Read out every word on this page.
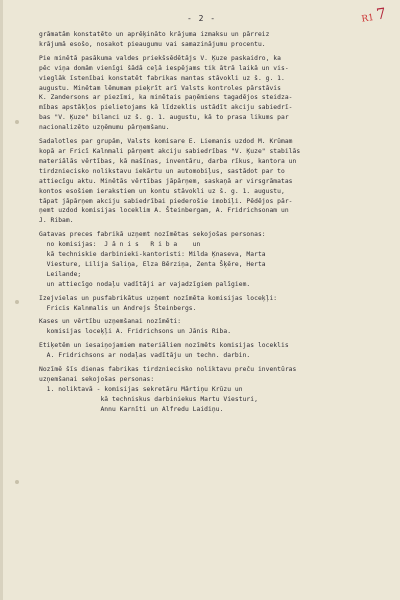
- 2 -	R17
grāmatām konstatēto un aprēķināto krājuma izmaksu un pārreiz
krājumā esošo, nosakot pieaugumu vai samazinājumu procentu.
Pie minētā pasākuma valdes priekšsēdētājs V. Ķuze paskaidro, ka
pēc viņa domām vienīgi šādā ceļā iespējams tik ātrā laikā un vis-
vieglāk īstenībai konstatēt fabrikas mantas stāvokli uz š. g. 1.
augustu. Minētam lēmumam pieķrīt arī Valsts kontroles pārstāvis
K. Zandersons ar piezīmi, ka minētais paņēmiens tagadējos steidza-
mības apstākļos pielietojams kā līdzeklis ustādīt akciju sabiedrī-
bas "V. Ķuze" bilanci uz š. g. 1. augustu, kā to prasa likums par
nacionalizēto uzņēmumu pārņemšanu.
Sadalotles par grupām, Valsts komisare E. Liemanis uzdod M. Krūmam
kopā ar Fricī Kalnmali pārņemt akciju sabiedrības "V. Ķuze" stabilās
materiālās vērtības, kā mašīnas, inventāru, darba rīkus, kantora un
tirdzniecisko nolikstavu iekārtu un automobiļus, sastādot par to
attiecīgu aktu. Minētās vērtības jāpārņem, saskaņā ar virsgrāmatas
kontos esošiem ierakstiem un kontu stāvokli uz š. g. 1. augustu,
tāpat jāpārņem akciju sabiedrībai piederošie imobiļi. Pēdējos pār-
ņemt uzdod komisijas loceklim A. Šteinbergam, A. Fridrichsonam un
J. Ribam.
Gatavas preces fabrikā uzņemt nozīmētas sekojošas personas:
no komisijas:  J ā n i s   R i b a    un
kā techniskie darbinieki-kantoristi: Milda Ķnaseva, Marta
Viesture, Lilija Saliņa, Elza Bērziņa, Zenta Šķēre, Herta
Leilande;
un attiecīgo nodaļu vadītāji ar vajadzīgiem palīgiem.
Izejvielas un pusfabrikātus uzņemt nozīmēta komisijas loceķļi:
Fricis Kalnmalis un Andrejs Šteinbergs.
Kases un vērtību uzņemšanai nozīmēti:
komisijas loceķļi A. Fridrichsons un Jānis Riba.
Etiķetēm un iesaiņojamiem materiāliem nozīmēts komisijas loceklis
A. Fridrichsons ar nodaļas vadītāju un techn. darbin.
Nozīmē šīs dienas fabrikas tirdzniecisko noliktavu preču inventūras
uzņemšanai sekojošas personas:
1. noliktavā - komisijas sekretāru Mārtiņu Krūzu un
kā techniskus darbiniekus Martu Viesturi,
Annu Karnīti un Alfredu Laidiņu.
